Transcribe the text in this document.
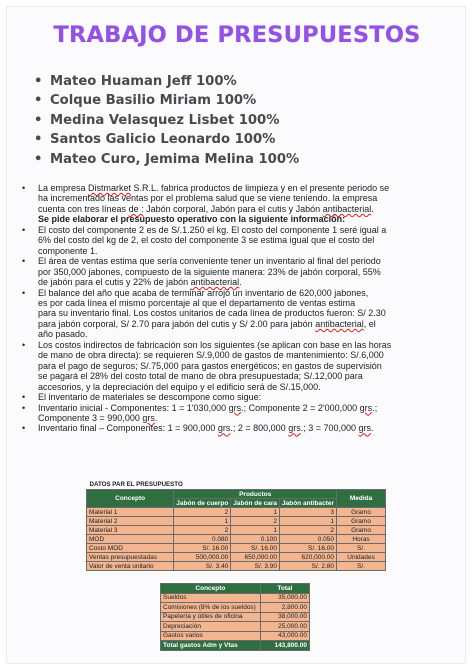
TRABAJO DE PRESUPUESTOS
• Mateo Huaman Jeff 100%
• Colque Basilio Miriam 100%
• Medina Velasquez Lisbet 100%
• Santos Galicio Leonardo 100%
• Mateo Curo, Jemima Melina 100%
• La empresa Distmarket S.R.L. fabrica productos de limpieza y en el presente periodo se
ha incrementado las ventas por el problema salud que se viene teniendo. la empresa
cuenta con tres líneas de : Jabón corporal, Jabón para el cutis y Jabón antibacterial.
Se pide elaborar el presupuesto operativo con la siguiente información:
• El costo del componente 2 es de S/.1.250 el kg. El costo del componente 1 seré igual a
6% del costo del kg de 2, el costo del componente 3 se estima igual que el costo del
componente 1.
• El área de ventas estima que sería conveniente tener un inventario al final del periodo
por 350,000 jabones, compuesto de la siguiente manera: 23% de jabón corporal, 55%
de jabón para el cutis y 22% de jabón antibacterial.
• El balance del año que acaba de terminar arrojó un inventario de 620,000 jabones,
es por cada línea el mismo porcentaje al que el departamento de ventas estima
para su inventario final. Los costos unitarios de cada línea de productos fueron: S/ 2.30
para jabón corporal, S/ 2.70 para jabón del cutis y S/ 2.00 para jabón antibacterial, el
año pasado.
• Los costos indirectos de fabricación son los siguientes (se aplican con base en las horas
de mano de obra directa): se requieren S/.9,000 de gastos de mantenimiento: S/.6,000
para el pago de seguros; S/.75,000 para gastos energéticos; en gastos de supervisión
se pagará el 28% del costo total de mano de obra presupuestada; S/.12,000 para
accesorios, y la depreciación del equipo y el edificio será de S/.15,000.
• El inventario de materiales se descompone como sigue:
• Inventario inicial - Componentes: 1 = 1'030,000 grs.; Componente 2 = 2'000,000 grs.;
Componente 3 = 990,000 grs.
• Inventario final – Componentes: 1 = 900,000 grs.; 2 = 800,000 grs.; 3 = 700,000 grs.
DATOS PAR EL PRESUPUESTO				
Concepto	Productos			Medida
	Jabón de cuerpo	Jabón de cara	Jabón antibacter	
Material 1	2	1	3	Gramo
Material 2	1	2	1	Gramo
Material 3	2	1	2	Gramo
MOD	0.080	0.100	0.050	Horas
Costo MOD	S/. 16.00	S/. 16.00	S/. 16.00	S/.
Ventas presupuestadas	500,000.00	650,000.00	620,000.00	Unidades
Valor de venta unitario	S/. 3.40	S/. 3.90	S/. 2.80	S/.
Concepto	Total
Sueldos	35,000.00
Comisiones (8% de los sueldos)	2,800.00
Papelería y útiles de oficina	38,000.00
Depreciación	25,000.00
Gastos varios	43,000.00
Total gastos Adm y Vtas	143,800.00
